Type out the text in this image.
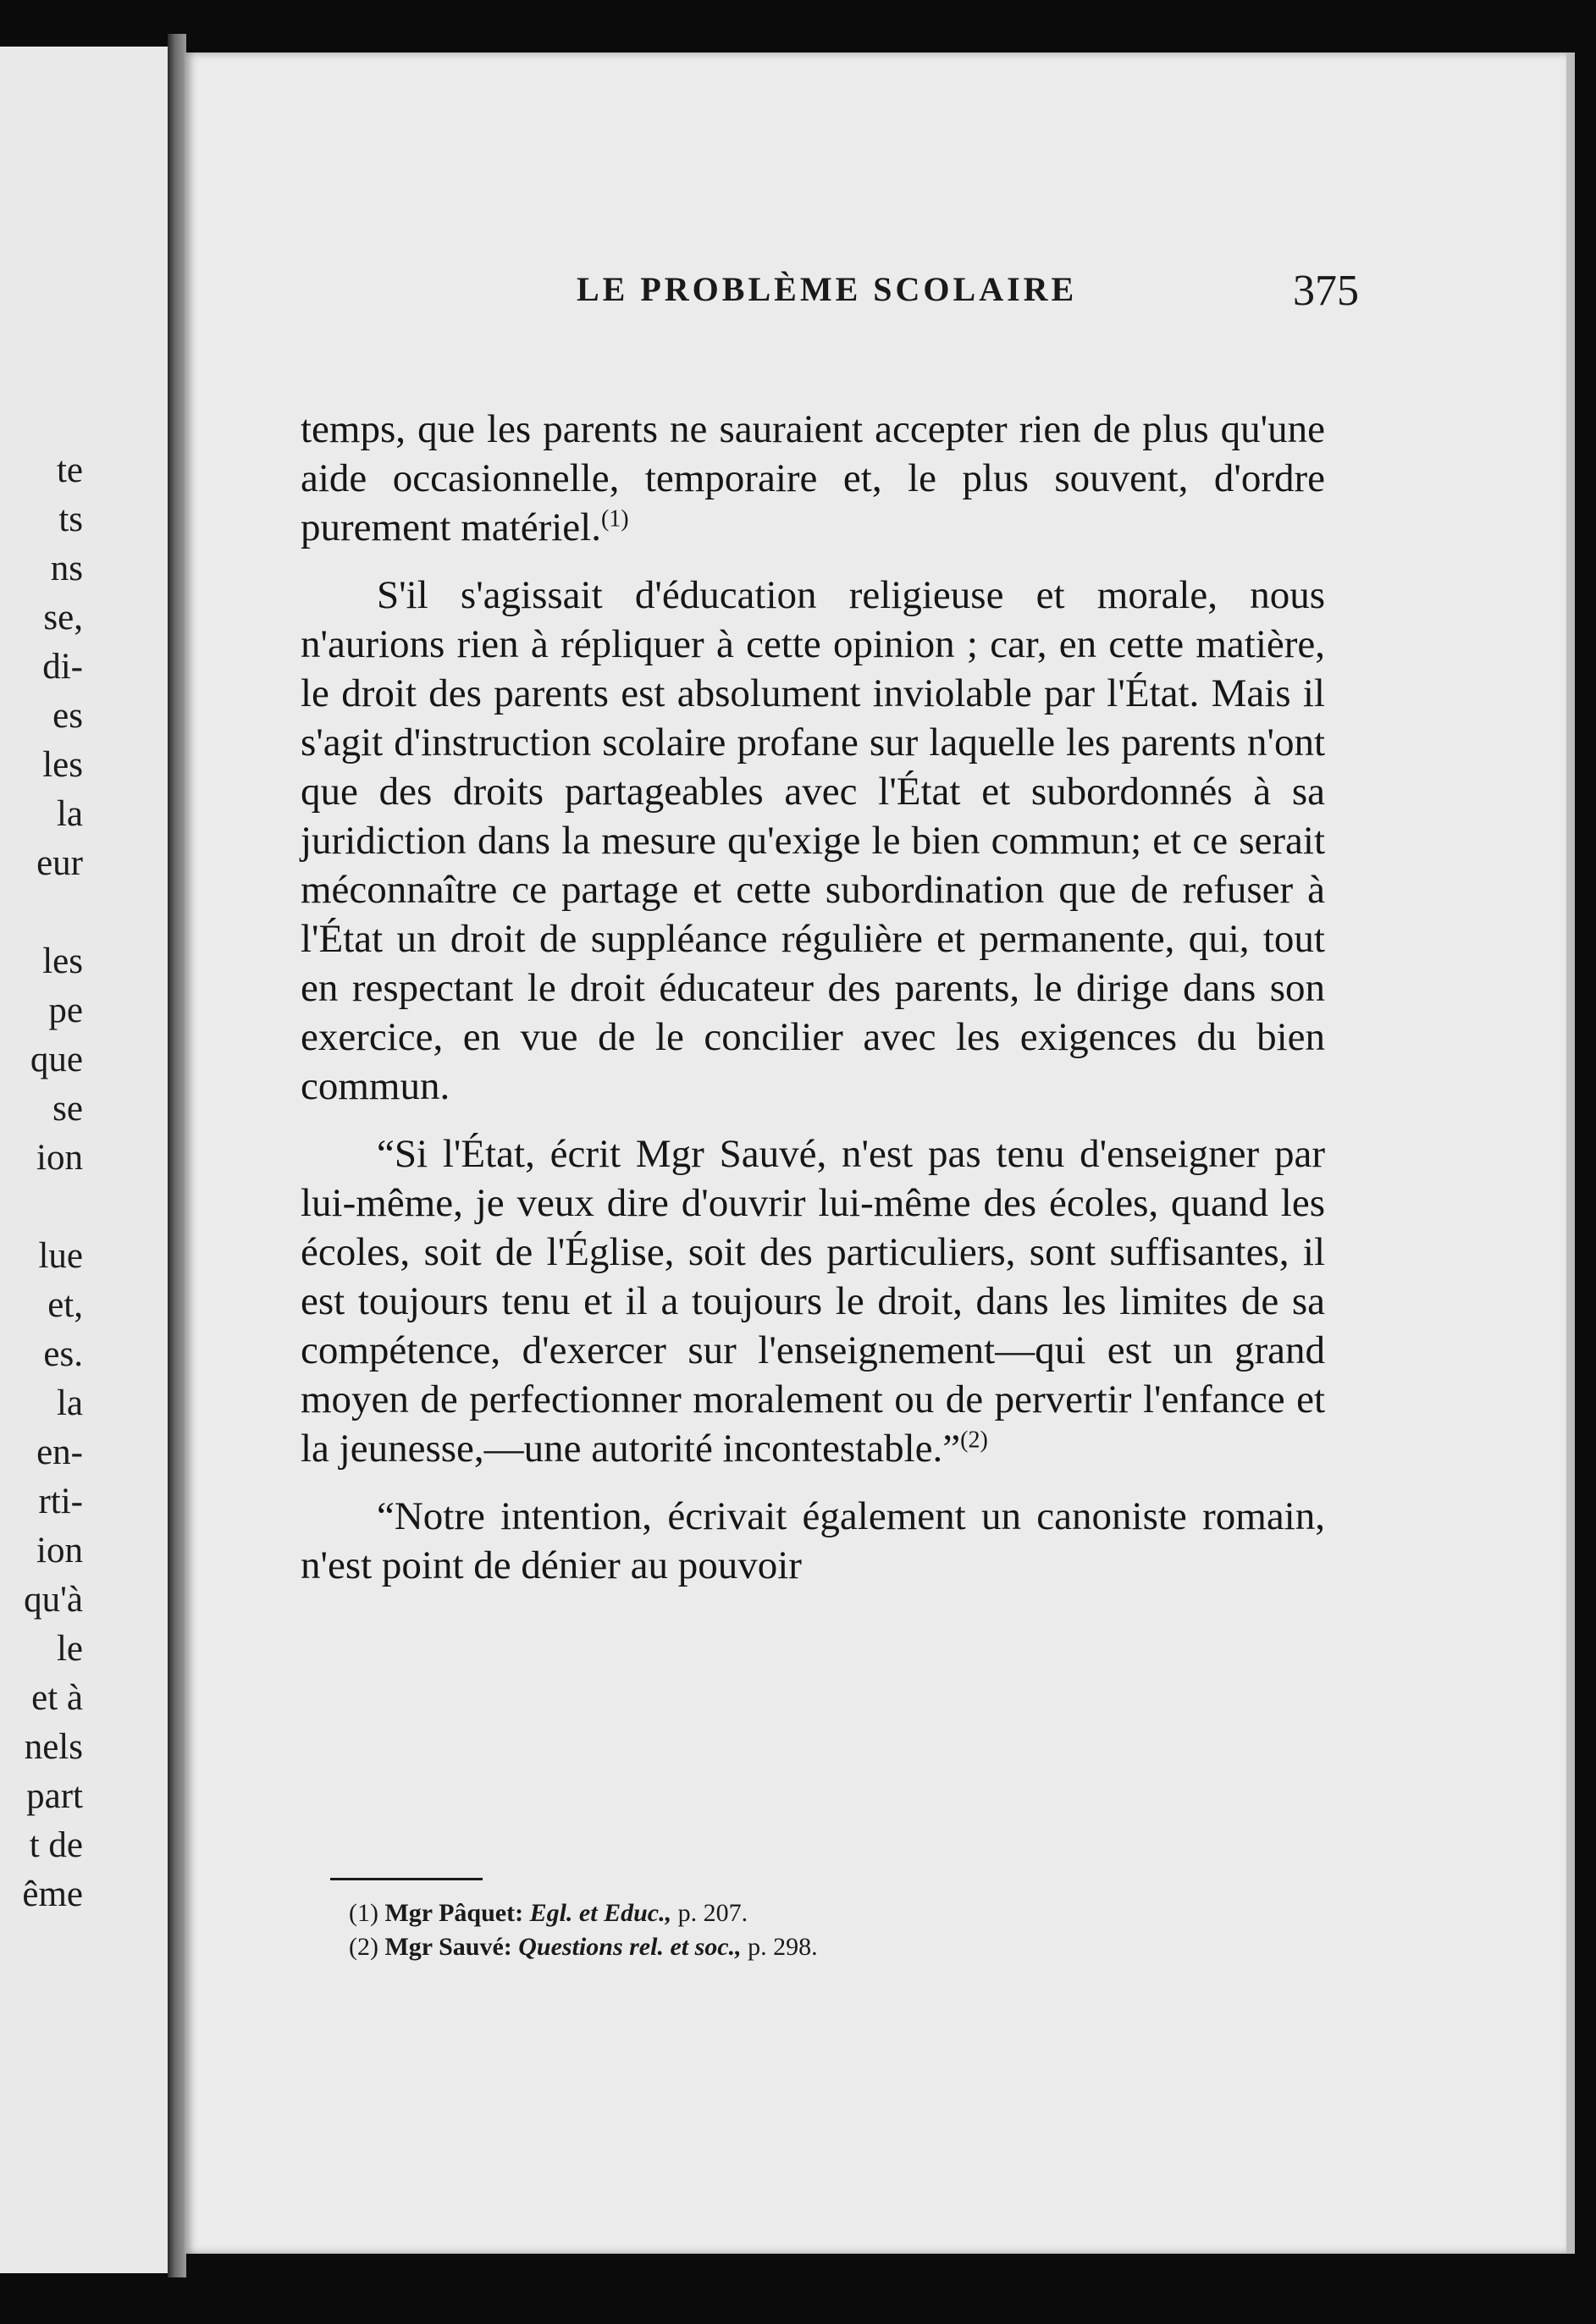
te
ts
ns
se,
di-
es
les
la
eur
les
pe
que
se
ion
lue
et,
es.
la
en-
rti-
ion
qu'à
le
et à
nels
part
t de
ême
LE PROBLÈME SCOLAIRE	375

temps, que les parents ne sauraient accepter rien de plus qu'une aide occasionnelle, temporaire et, le plus souvent, d'ordre purement matériel.$^{(1)}$

S'il s'agissait d'éducation religieuse et morale, nous n'aurions rien à répliquer à cette opinion ; car, en cette matière, le droit des parents est absolument inviolable par l'État. Mais il s'agit d'instruction scolaire profane sur laquelle les parents n'ont que des droits partageables avec l'État et subordonnés à sa juridiction dans la mesure qu'exige le bien commun; et ce serait méconnaître ce partage et cette subordination que de refuser à l'État un droit de suppléance régulière et permanente, qui, tout en respectant le droit éducateur des parents, le dirige dans son exercice, en vue de le concilier avec les exigences du bien commun.

“Si l'État, écrit Mgr Sauvé, n'est pas tenu d'enseigner par lui-même, je veux dire d'ouvrir lui-même des écoles, quand les écoles, soit de l'Église, soit des particuliers, sont suffisantes, il est toujours tenu et il a toujours le droit, dans les limites de sa compétence, d'exercer sur l'enseignement—qui est un grand moyen de perfectionner moralement ou de pervertir l'enfance et la jeunesse,—une autorité incontestable.”$^{(2)}$

“Notre intention, écrivait également un canoniste romain, n'est point de dénier au pouvoir

(1) Mgr Pâquet: Egl. et Educ., p. 207.
(2) Mgr Sauvé: Questions rel. et soc., p. 298.
